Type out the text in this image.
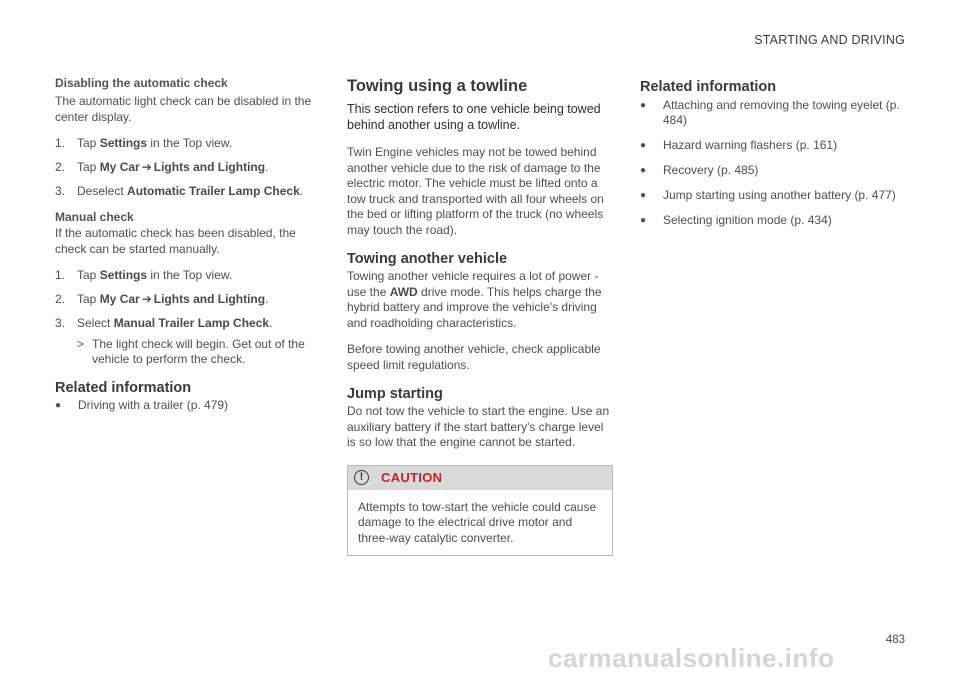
STARTING AND DRIVING
Disabling the automatic check

The automatic light check can be disabled in the center display.

1. Tap Settings in the Top view.
2. Tap My Car ➔ Lights and Lighting.
3. Deselect Automatic Trailer Lamp Check.
Manual check

If the automatic check has been disabled, the check can be started manually.

1. Tap Settings in the Top view.
2. Tap My Car ➔ Lights and Lighting.
3. Select Manual Trailer Lamp Check.
> The light check will begin. Get out of the vehicle to perform the check.
Related information
●	Driving with a trailer (p. 479)
Towing using a towline

This section refers to one vehicle being towed behind another using a towline.

Twin Engine vehicles may not be towed behind another vehicle due to the risk of damage to the electric motor. The vehicle must be lifted onto a tow truck and transported with all four wheels on the bed or lifting platform of the truck (no wheels may touch the road).

Towing another vehicle

Towing another vehicle requires a lot of power - use the AWD drive mode. This helps charge the hybrid battery and improve the vehicle's driving and roadholding characteristics.

Before towing another vehicle, check applicable speed limit regulations.

Jump starting

Do not tow the vehicle to start the engine. Use an auxiliary battery if the start battery's charge level is so low that the engine cannot be started.

!	CAUTION
Attempts to tow-start the vehicle could cause damage to the electrical drive motor and three-way catalytic converter.
Related information
●	Attaching and removing the towing eyelet (p. 484)
●	Hazard warning flashers (p. 161)
●	Recovery (p. 485)
●	Jump starting using another battery (p. 477)
●	Selecting ignition mode (p. 434)
483
carmanualsonline.info
